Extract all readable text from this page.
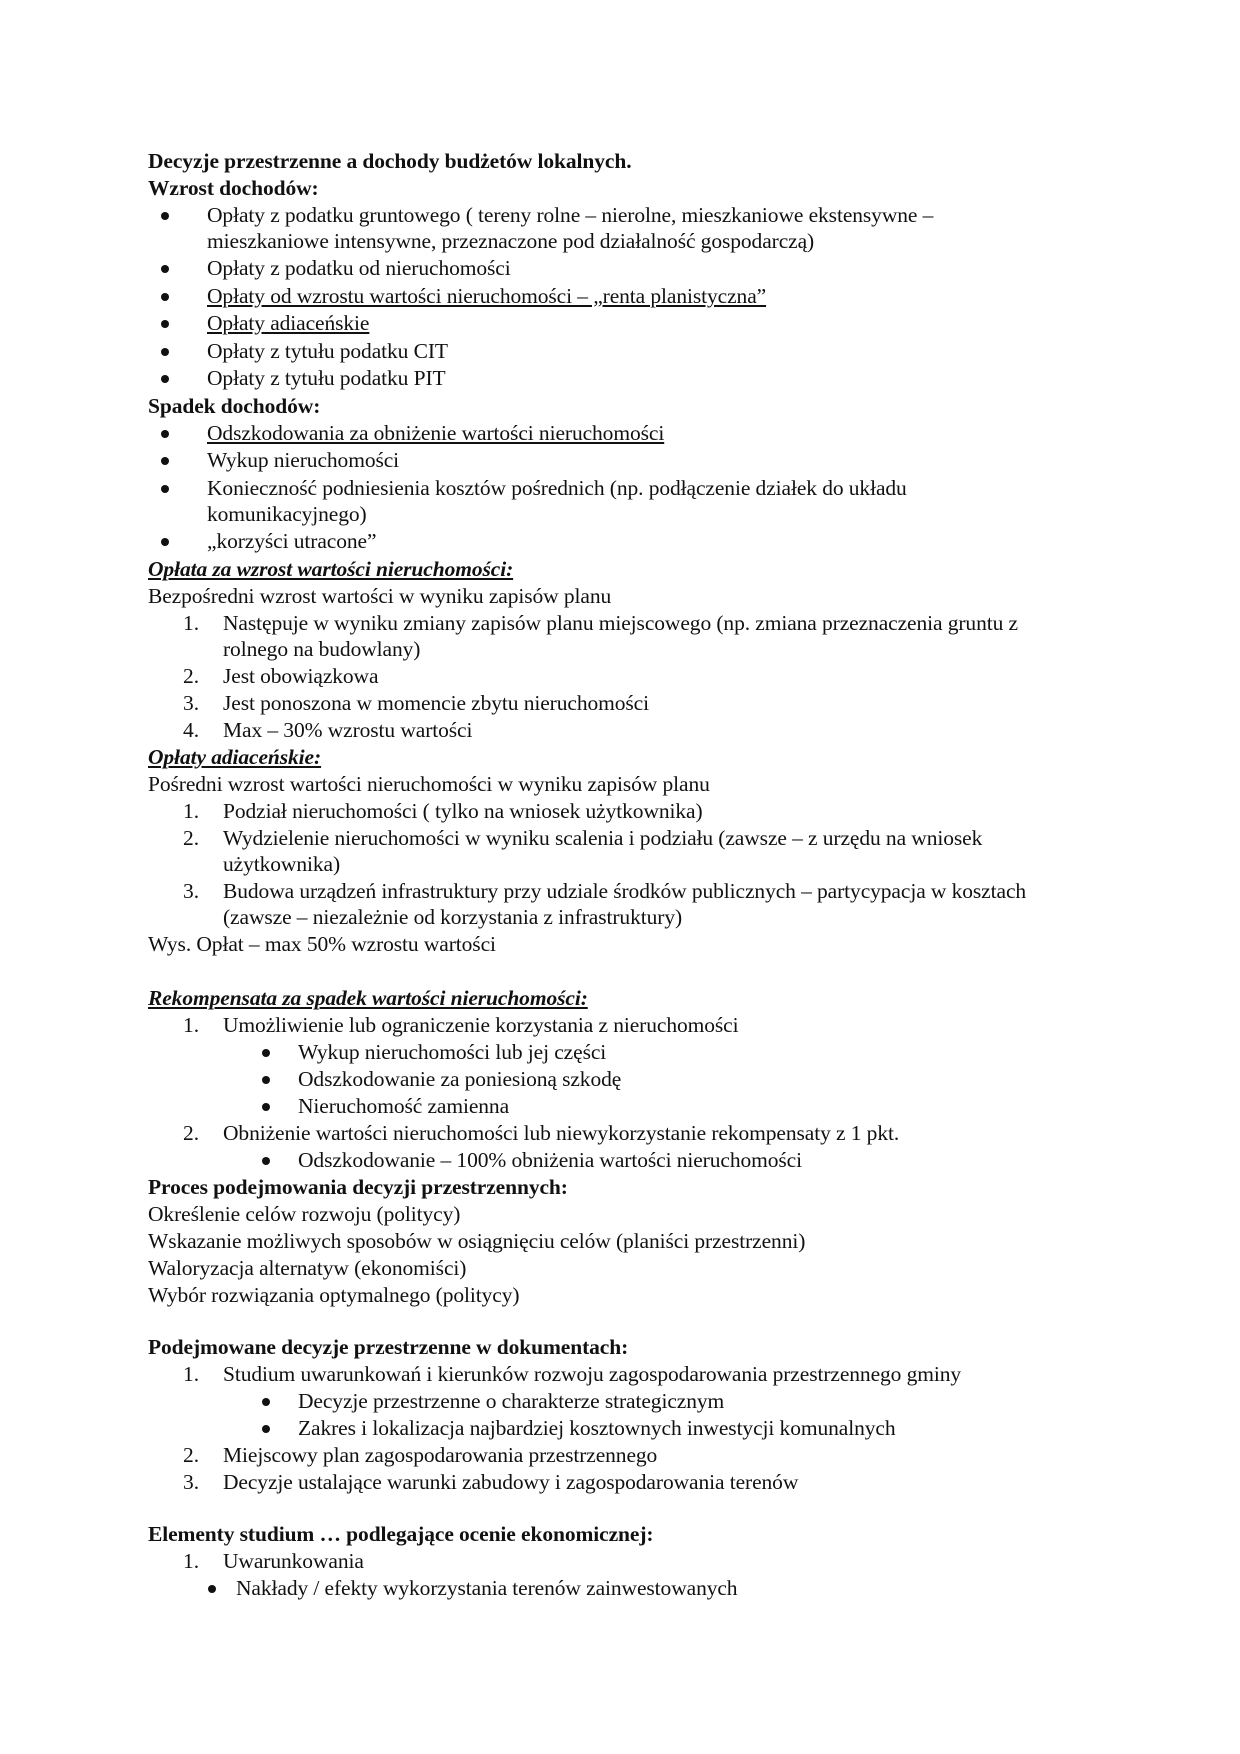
Decyzje przestrzenne a dochody budżetów lokalnych.
Wzrost dochodów:
Opłaty z podatku gruntowego ( tereny rolne – nierolne, mieszkaniowe ekstensywne –
mieszkaniowe intensywne, przeznaczone pod działalność gospodarczą)
Opłaty z podatku od nieruchomości
Opłaty od wzrostu wartości nieruchomości – „renta planistyczna”
Opłaty adiaceńskie
Opłaty z tytułu podatku CIT
Opłaty z tytułu podatku PIT
Spadek dochodów:
Odszkodowania za obniżenie wartości nieruchomości
Wykup nieruchomości
Konieczność podniesienia kosztów pośrednich (np. podłączenie działek do układu
komunikacyjnego)
„korzyści utracone”
Opłata za wzrost wartości nieruchomości:
Bezpośredni wzrost wartości w wyniku zapisów planu
1. Następuje w wyniku zmiany zapisów planu miejscowego (np. zmiana przeznaczenia gruntu z
rolnego na budowlany)
2. Jest obowiązkowa
3. Jest ponoszona w momencie zbytu nieruchomości
4. Max – 30% wzrostu wartości
Opłaty adiaceńskie:
Pośredni wzrost wartości nieruchomości w wyniku zapisów planu
1. Podział nieruchomości ( tylko na wniosek użytkownika)
2. Wydzielenie nieruchomości w wyniku scalenia i podziału (zawsze – z urzędu na wniosek
użytkownika)
3. Budowa urządzeń infrastruktury przy udziale środków publicznych – partycypacja w kosztach
(zawsze – niezależnie od korzystania z infrastruktury)
Wys. Opłat – max 50% wzrostu wartości
Rekompensata za spadek wartości nieruchomości:
1. Umożliwienie lub ograniczenie korzystania z nieruchomości
Wykup nieruchomości lub jej części
Odszkodowanie za poniesioną szkodę
Nieruchomość zamienna
2. Obniżenie wartości nieruchomości lub niewykorzystanie rekompensaty z 1 pkt.
Odszkodowanie – 100% obniżenia wartości nieruchomości
Proces podejmowania decyzji przestrzennych:
Określenie celów rozwoju (politycy)
Wskazanie możliwych sposobów w osiągnięciu celów (planiści przestrzenni)
Waloryzacja alternatyw (ekonomiści)
Wybór rozwiązania optymalnego (politycy)
Podejmowane decyzje przestrzenne w dokumentach:
1. Studium uwarunkowań i kierunków rozwoju zagospodarowania przestrzennego gminy
Decyzje przestrzenne o charakterze strategicznym
Zakres i lokalizacja najbardziej kosztownych inwestycji komunalnych
2. Miejscowy plan zagospodarowania przestrzennego
3. Decyzje ustalające warunki zabudowy i zagospodarowania terenów
Elementy studium … podlegające ocenie ekonomicznej:
1. Uwarunkowania
Nakłady / efekty wykorzystania terenów zainwestowanych
